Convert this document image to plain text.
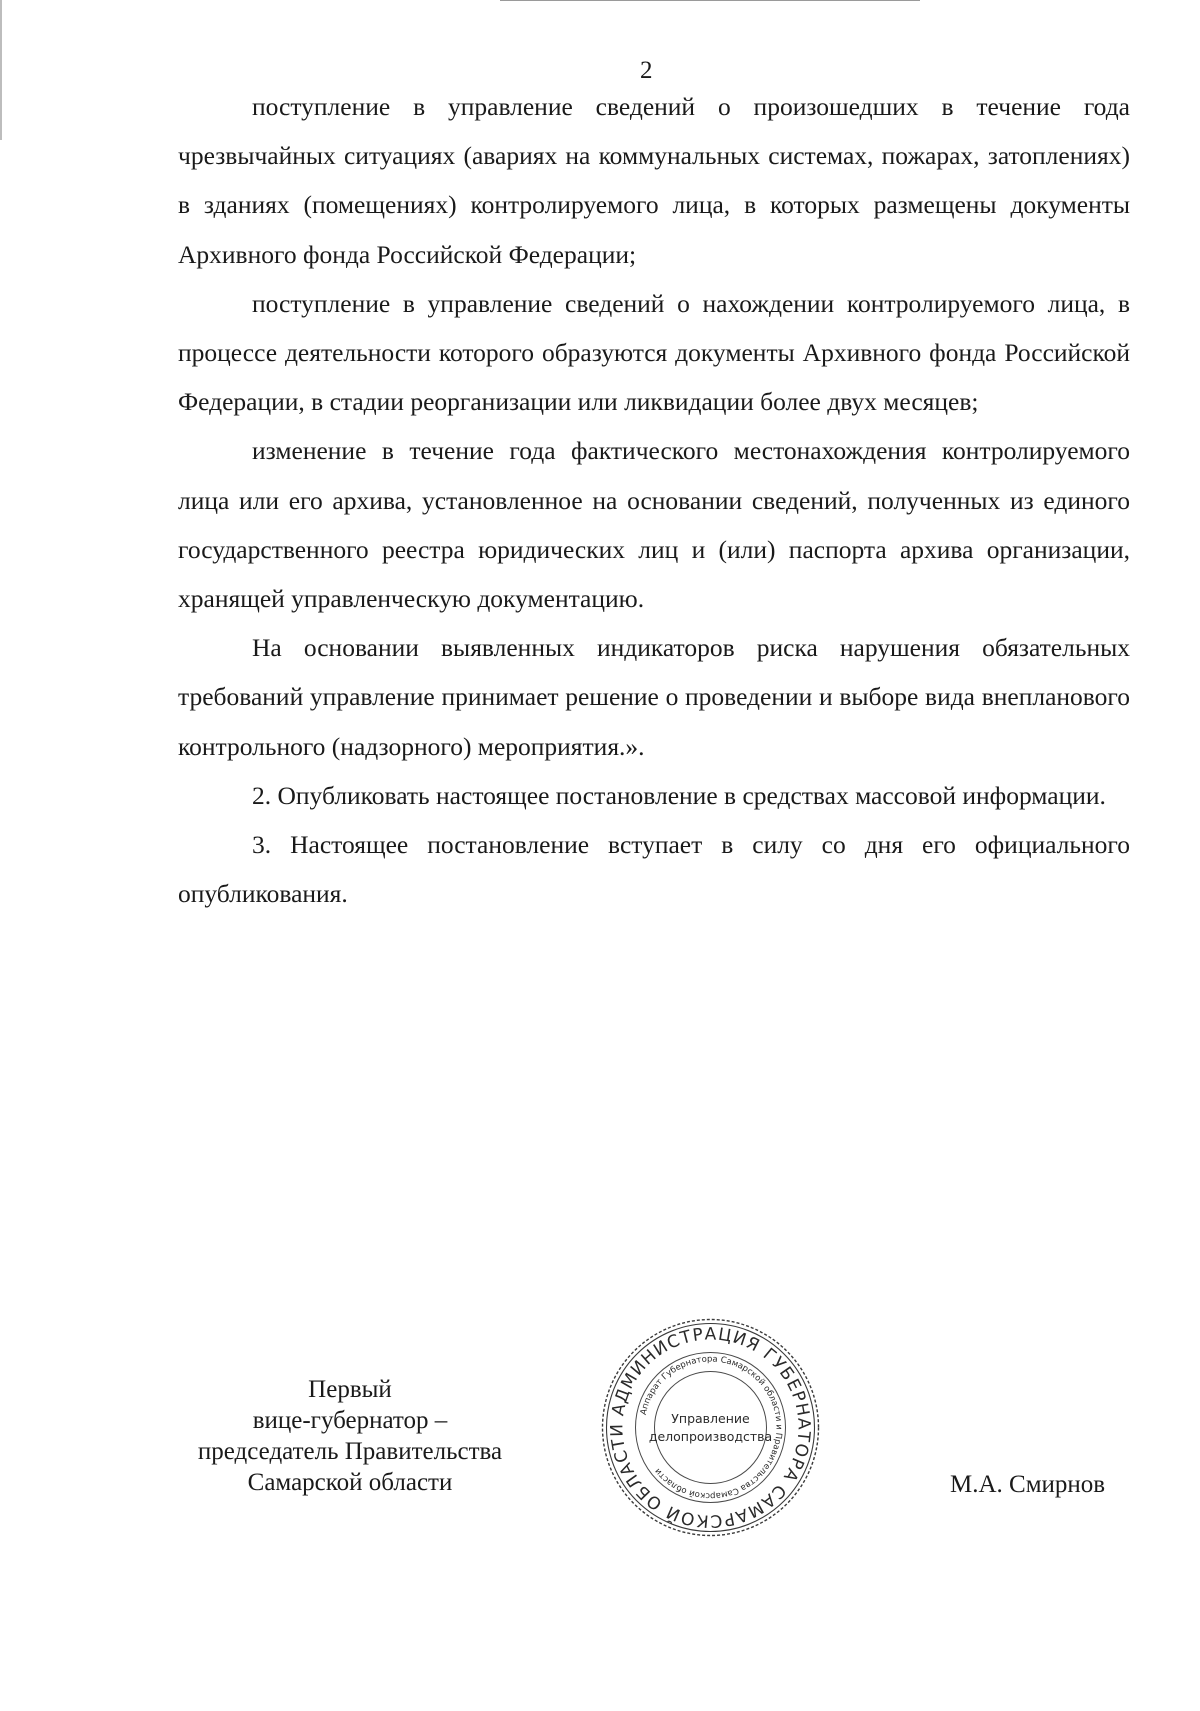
2

поступление в управление сведений о произошедших в течение года чрезвычайных ситуациях (авариях на коммунальных системах, пожарах, затоплениях) в зданиях (помещениях) контролируемого лица, в которых размещены документы Архивного фонда Российской Федерации;

поступление в управление сведений о нахождении контролируемого лица, в процессе деятельности которого образуются документы Архивного фонда Российской Федерации, в стадии реорганизации или ликвидации более двух месяцев;

изменение в течение года фактического местонахождения контролируемого лица или его архива, установленное на основании сведений, полученных из единого государственного реестра юридических лиц и (или) паспорта архива организации, хранящей управленческую документацию.

На основании выявленных индикаторов риска нарушения обязательных требований управление принимает решение о проведении и выборе вида внепланового контрольного (надзорного) мероприятия.».

2. Опубликовать настоящее постановление в средствах массовой информации.

3. Настоящее постановление вступает в силу со дня его официального опубликования.

Первый
вице-губернатор –
председатель Правительства
Самарской области
АДМИНИСТРАЦИЯ ГУБЕРНАТОРА САМАРСКОЙ ОБЛАСТИ
Аппарат Губернатора Самарской области и Правительства Самарской области
Управление
делопроизводства
М.А. Смирнов
